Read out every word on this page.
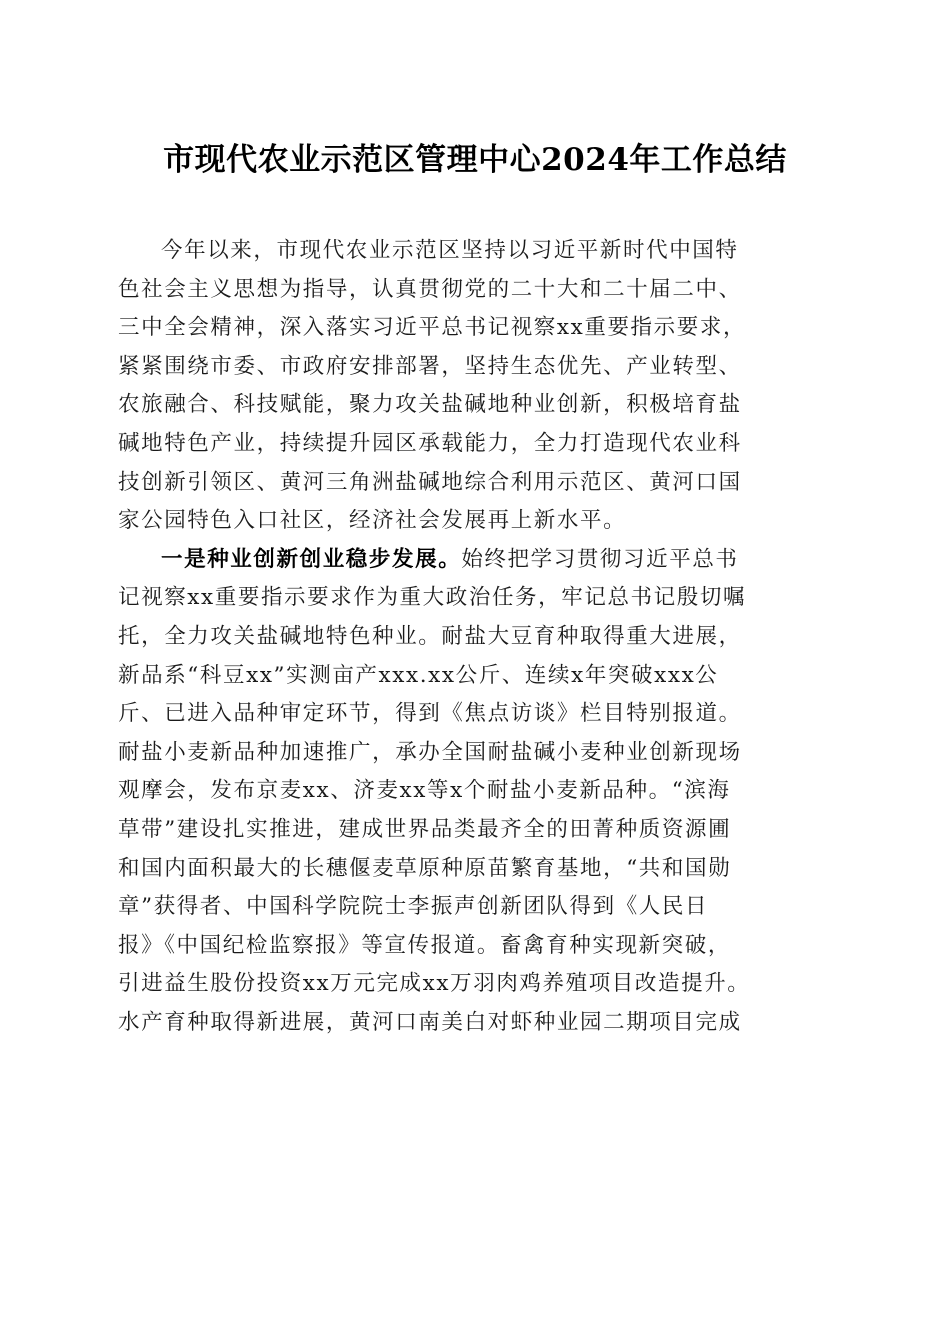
市现代农业示范区管理中心2024年工作总结
今年以来，市现代农业示范区坚持以习近平新时代中国特
色社会主义思想为指导，认真贯彻党的二十大和二十届二中、
三中全会精神，深入落实习近平总书记视察xx重要指示要求，
紧紧围绕市委、市政府安排部署，坚持生态优先、产业转型、
农旅融合、科技赋能，聚力攻关盐碱地种业创新，积极培育盐
碱地特色产业，持续提升园区承载能力，全力打造现代农业科
技创新引领区、黄河三角洲盐碱地综合利用示范区、黄河口国
家公园特色入口社区，经济社会发展再上新水平。
一是种业创新创业稳步发展。始终把学习贯彻习近平总书
记视察xx重要指示要求作为重大政治任务，牢记总书记殷切嘱
托，全力攻关盐碱地特色种业。耐盐大豆育种取得重大进展，
新品系“科豆xx”实测亩产xxx.xx公斤、连续x年突破xxx公
斤、已进入品种审定环节，得到《焦点访谈》栏目特别报道。
耐盐小麦新品种加速推广，承办全国耐盐碱小麦种业创新现场
观摩会，发布京麦xx、济麦xx等x个耐盐小麦新品种。“滨海
草带”建设扎实推进，建成世界品类最齐全的田菁种质资源圃
和国内面积最大的长穗偃麦草原种原苗繁育基地，“共和国勋
章”获得者、中国科学院院士李振声创新团队得到《人民日
报》《中国纪检监察报》等宣传报道。畜禽育种实现新突破，
引进益生股份投资xx万元完成xx万羽肉鸡养殖项目改造提升。
水产育种取得新进展，黄河口南美白对虾种业园二期项目完成
